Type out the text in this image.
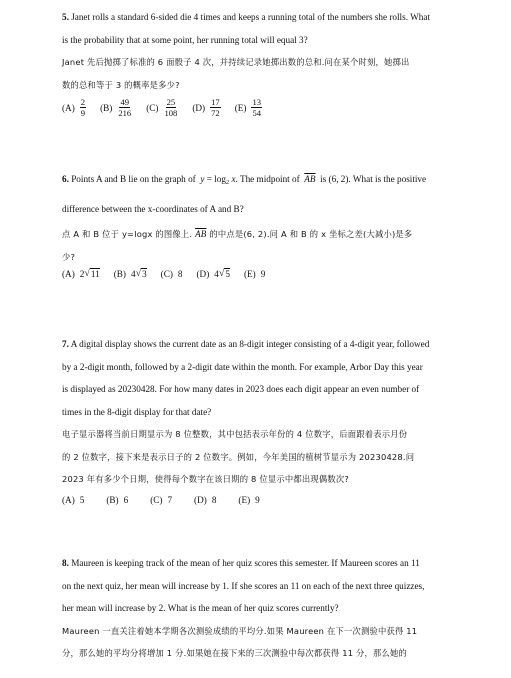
5. Janet rolls a standard 6-sided die 4 times and keeps a running total of the numbers she rolls. What
is the probability that at some point, her running total will equal 3?
Janet 先后抛掷了标准的 6 面骰子 4 次，并持续记录她掷出数的总和.问在某个时刻，她掷出
数的总和等于 3 的概率是多少?
$(A) \frac{2}{9} (B) \frac{49}{216} (C) \frac{25}{108} (D) \frac{17}{72} (E) \frac{13}{54}$
6. Points A and B lie on the graph of $y = \log_2 x$. The midpoint of $\overline{AB}$ is (6, 2). What is the positive
difference between the x-coordinates of A and B?
点 A 和 B 位于 y=logx 的图像上. $\overline{AB}$ 的中点是(6, 2).问 A 和 B 的 x 坐标之差(大减小)是多
少?
(A) 2 √ 11 (B) 4 √ 3 (C) 8 (D) 4 √ 5 (E) 9
7. A digital display shows the current date as an 8-digit integer consisting of a 4-digit year, followed
by a 2-digit month, followed by a 2-digit date within the month. For example, Arbor Day this year
is displayed as 20230428. For how many dates in 2023 does each digit appear an even number of
times in the 8-digit display for that date?
电子显示器将当前日期显示为 8 位整数，其中包括表示年份的 4 位数字，后面跟着表示月份
的 2 位数字，接下来是表示日子的 2 位数字。例如，今年美国的植树节显示为 20230428.问
2023 年有多少个日期，使得每个数字在该日期的 8 位显示中都出现偶数次?
(A) 5 (B) 6 (C) 7 (D) 8 (E) 9
8. Maureen is keeping track of the mean of her quiz scores this semester. If Maureen scores an 11
on the next quiz, her mean will increase by 1. If she scores an 11 on each of the next three quizzes,
her mean will increase by 2. What is the mean of her quiz scores currently?
Maureen 一直关注着她本学期各次测验成绩的平均分.如果 Maureen 在下一次测验中获得 11
分，那么她的平均分将增加 1 分.如果她在接下来的三次测验中每次都获得 11 分，那么她的
